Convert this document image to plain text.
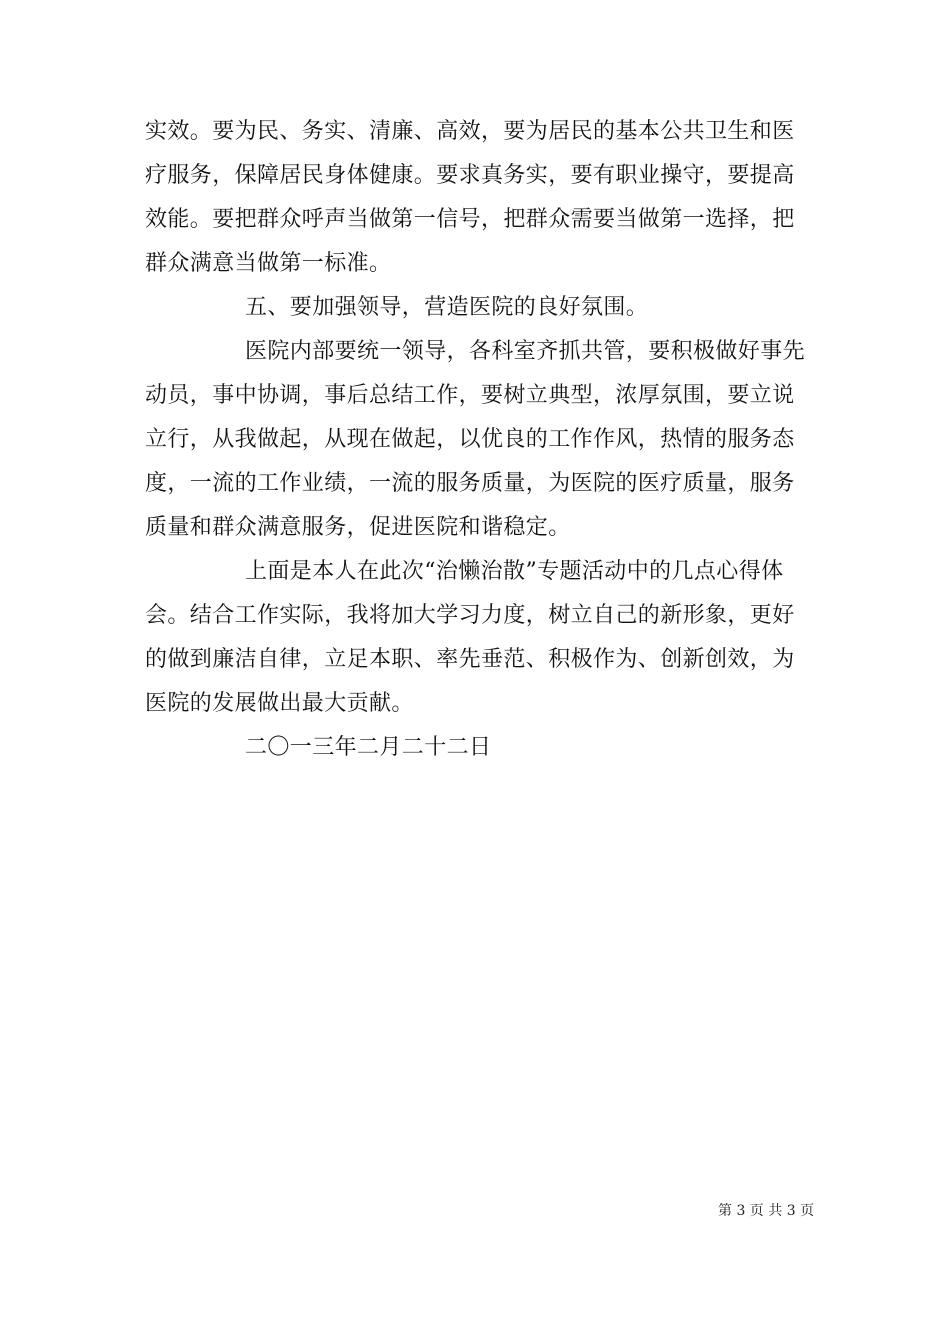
实效。要为民、务实、清廉、高效，要为居民的基本公共卫生和医
疗服务，保障居民身体健康。要求真务实，要有职业操守，要提高
效能。要把群众呼声当做第一信号，把群众需要当做第一选择，把
群众满意当做第一标准。
五、要加强领导，营造医院的良好氛围。
医院内部要统一领导，各科室齐抓共管，要积极做好事先
动员，事中协调，事后总结工作，要树立典型，浓厚氛围，要立说
立行，从我做起，从现在做起，以优良的工作作风，热情的服务态
度，一流的工作业绩，一流的服务质量，为医院的医疗质量，服务
质量和群众满意服务，促进医院和谐稳定。
上面是本人在此次“治懒治散”专题活动中的几点心得体
会。结合工作实际，我将加大学习力度，树立自己的新形象，更好
的做到廉洁自律，立足本职、率先垂范、积极作为、创新创效，为
医院的发展做出最大贡献。
二〇一三年二月二十二日
第 3 页 共 3 页
